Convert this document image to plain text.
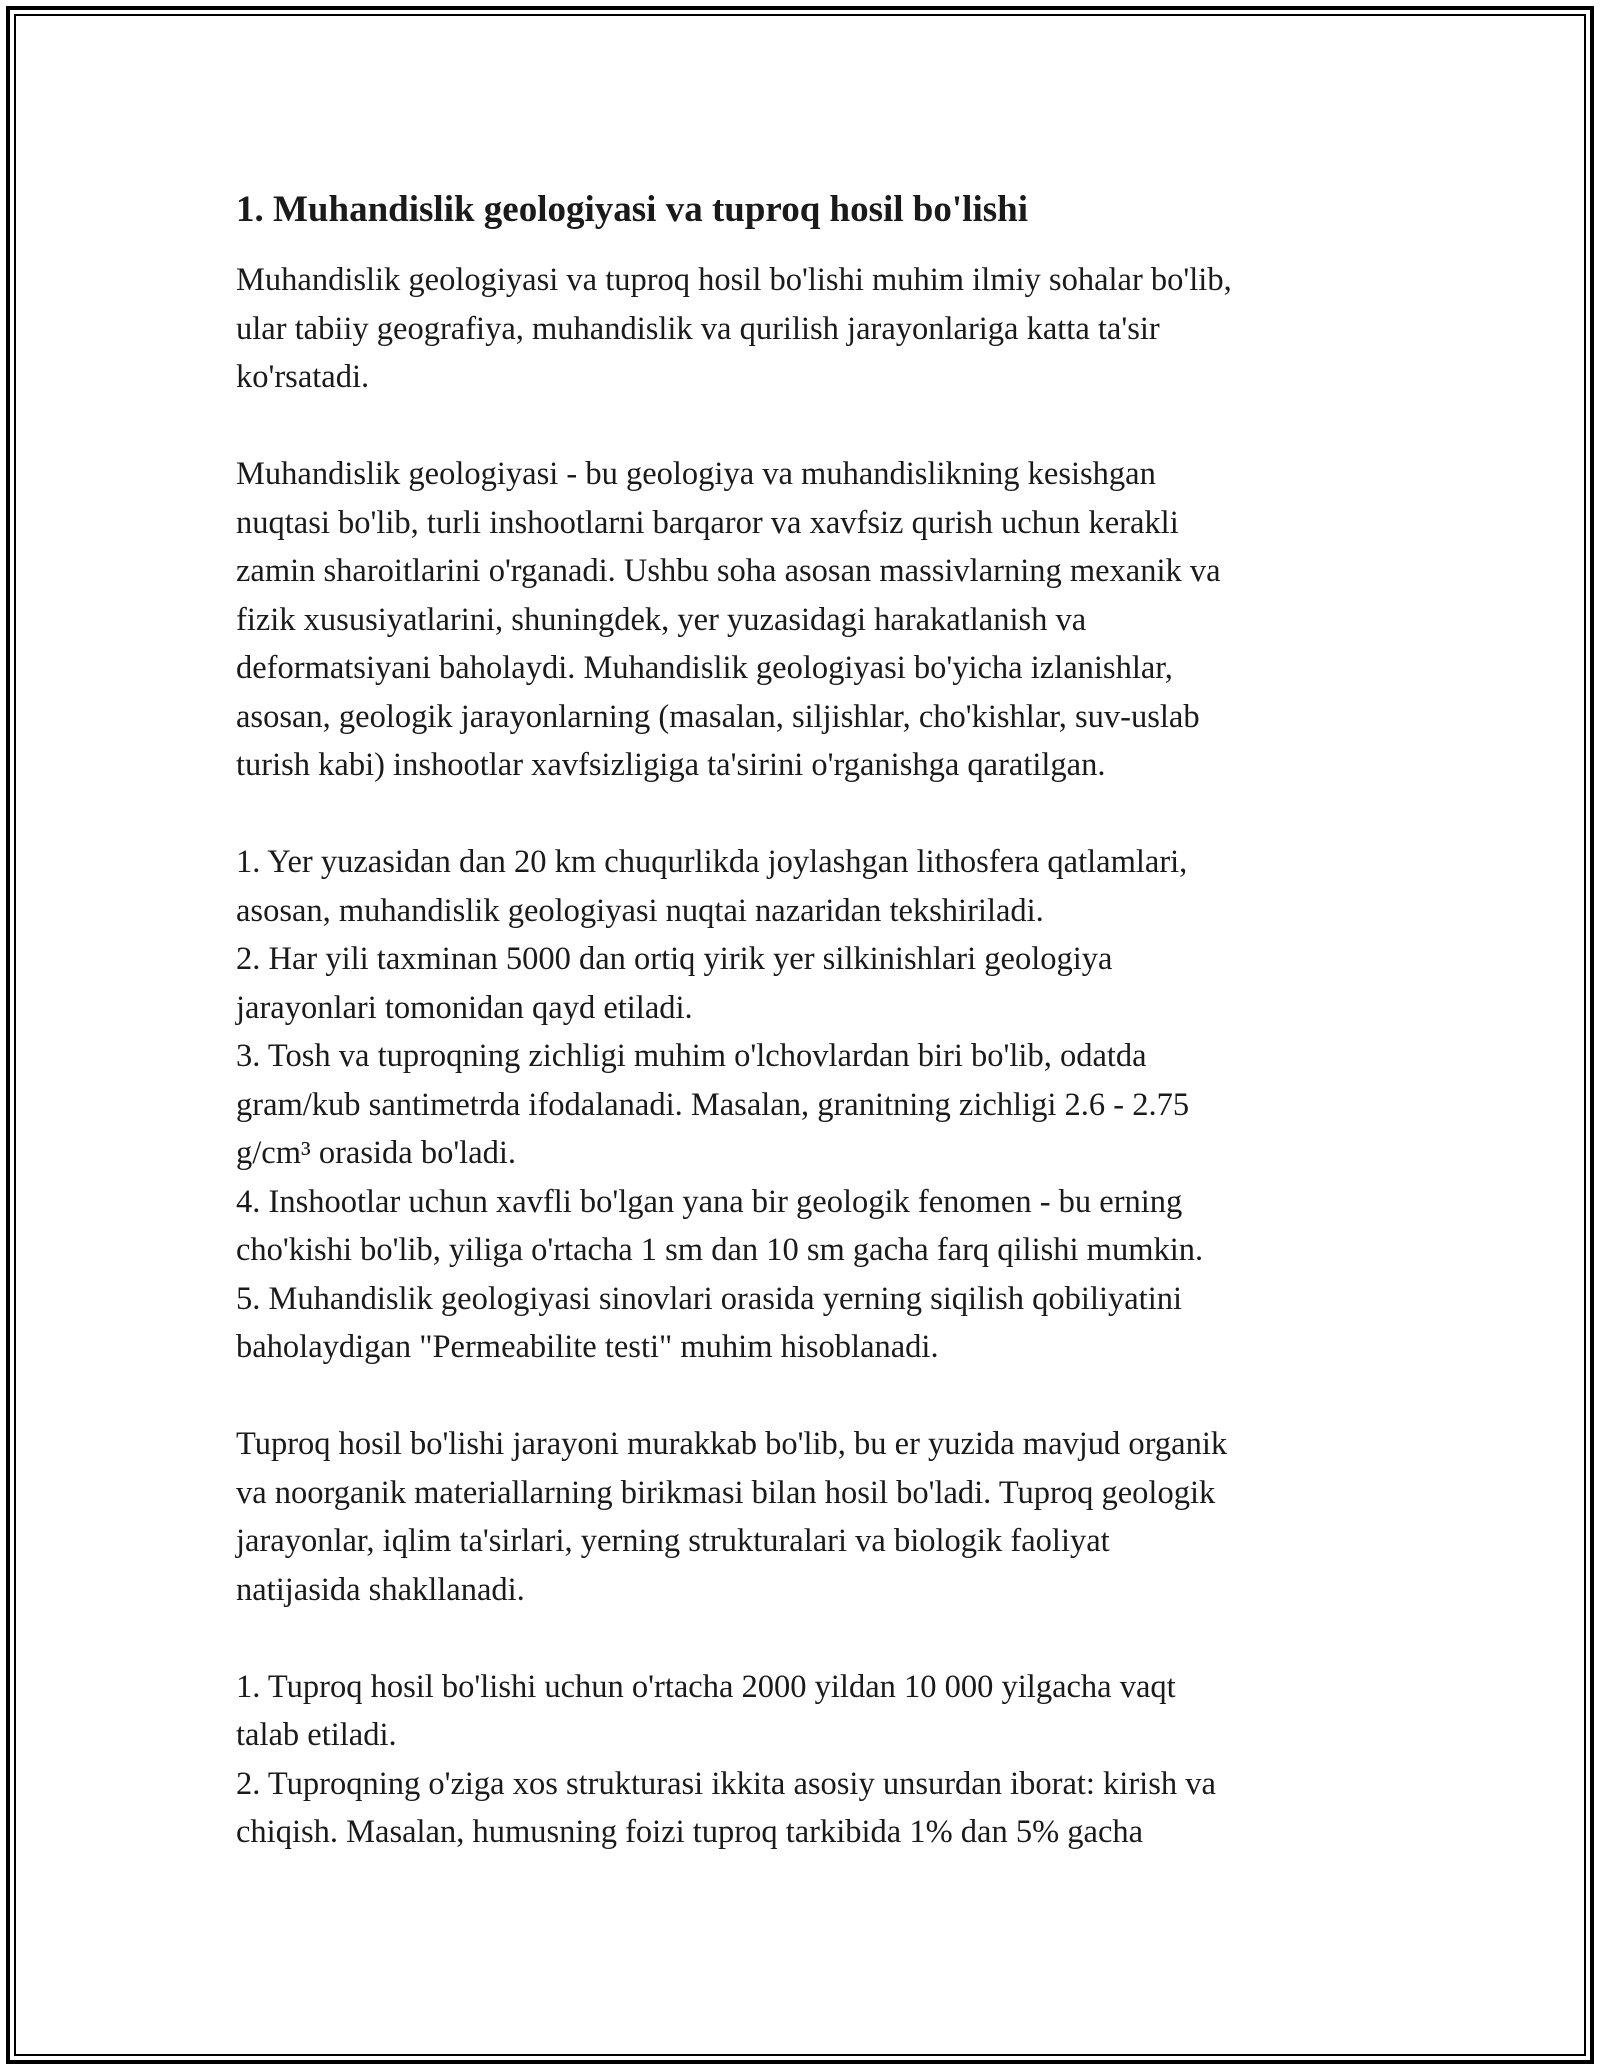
1. Muhandislik geologiyasi va tuproq hosil bo'lishi
Muhandislik geologiyasi va tuproq hosil bo'lishi muhim ilmiy sohalar bo'lib,
ular tabiiy geografiya, muhandislik va qurilish jarayonlariga katta ta'sir
ko'rsatadi.
Muhandislik geologiyasi - bu geologiya va muhandislikning kesishgan
nuqtasi bo'lib, turli inshootlarni barqaror va xavfsiz qurish uchun kerakli
zamin sharoitlarini o'rganadi. Ushbu soha asosan massivlarning mexanik va
fizik xususiyatlarini, shuningdek, yer yuzasidagi harakatlanish va
deformatsiyani baholaydi. Muhandislik geologiyasi bo'yicha izlanishlar,
asosan, geologik jarayonlarning (masalan, siljishlar, cho'kishlar, suv-uslab
turish kabi) inshootlar xavfsizligiga ta'sirini o'rganishga qaratilgan.
1. Yer yuzasidan dan 20 km chuqurlikda joylashgan lithosfera qatlamlari,
asosan, muhandislik geologiyasi nuqtai nazaridan tekshiriladi.
2. Har yili taxminan 5000 dan ortiq yirik yer silkinishlari geologiya
jarayonlari tomonidan qayd etiladi.
3. Tosh va tuproqning zichligi muhim o'lchovlardan biri bo'lib, odatda
gram/kub santimetrda ifodalanadi. Masalan, granitning zichligi 2.6 - 2.75
g/cm³ orasida bo'ladi.
4. Inshootlar uchun xavfli bo'lgan yana bir geologik fenomen - bu erning
cho'kishi bo'lib, yiliga o'rtacha 1 sm dan 10 sm gacha farq qilishi mumkin.
5. Muhandislik geologiyasi sinovlari orasida yerning siqilish qobiliyatini
baholaydigan "Permeabilite testi" muhim hisoblanadi.
Tuproq hosil bo'lishi jarayoni murakkab bo'lib, bu er yuzida mavjud organik
va noorganik materiallarning birikmasi bilan hosil bo'ladi. Tuproq geologik
jarayonlar, iqlim ta'sirlari, yerning strukturalari va biologik faoliyat
natijasida shakllanadi.
1. Tuproq hosil bo'lishi uchun o'rtacha 2000 yildan 10 000 yilgacha vaqt
talab etiladi.
2. Tuproqning o'ziga xos strukturasi ikkita asosiy unsurdan iborat: kirish va
chiqish. Masalan, humusning foizi tuproq tarkibida 1% dan 5% gacha
